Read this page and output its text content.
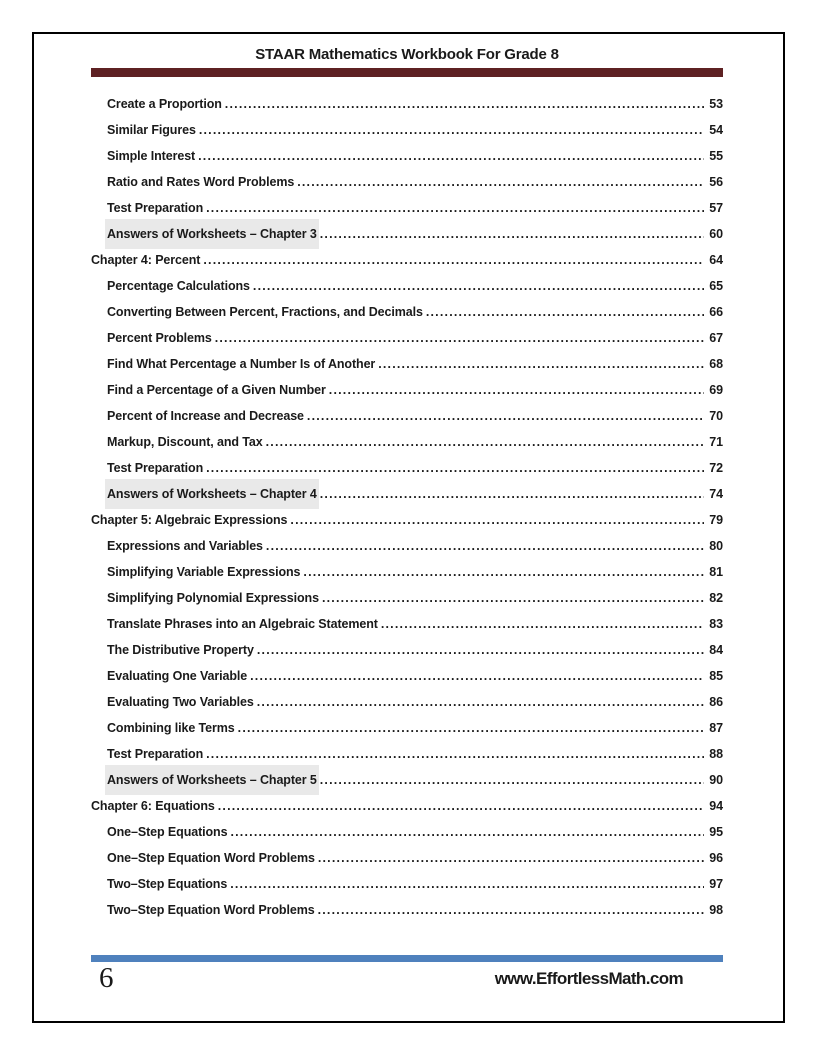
STAAR Mathematics Workbook For Grade 8
Create a Proportion .....	53
Similar Figures .....	54
Simple Interest .....	55
Ratio and Rates Word Problems .....	56
Test Preparation .....	57
Answers of Worksheets – Chapter 3 .....	60
Chapter 4: Percent .....	64
Percentage Calculations .....	65
Converting Between Percent, Fractions, and Decimals .....	66
Percent Problems .....	67
Find What Percentage a Number Is of Another .....	68
Find a Percentage of a Given Number .....	69
Percent of Increase and Decrease .....	70
Markup, Discount, and Tax .....	71
Test Preparation .....	72
Answers of Worksheets – Chapter 4 .....	74
Chapter 5: Algebraic Expressions .....	79
Expressions and Variables .....	80
Simplifying Variable Expressions .....	81
Simplifying Polynomial Expressions .....	82
Translate Phrases into an Algebraic Statement .....	83
The Distributive Property .....	84
Evaluating One Variable .....	85
Evaluating Two Variables .....	86
Combining like Terms .....	87
Test Preparation .....	88
Answers of Worksheets – Chapter 5 .....	90
Chapter 6: Equations .....	94
One–Step Equations .....	95
One–Step Equation Word Problems .....	96
Two–Step Equations .....	97
Two–Step Equation Word Problems .....	98
6	www.EffortlessMath.com
